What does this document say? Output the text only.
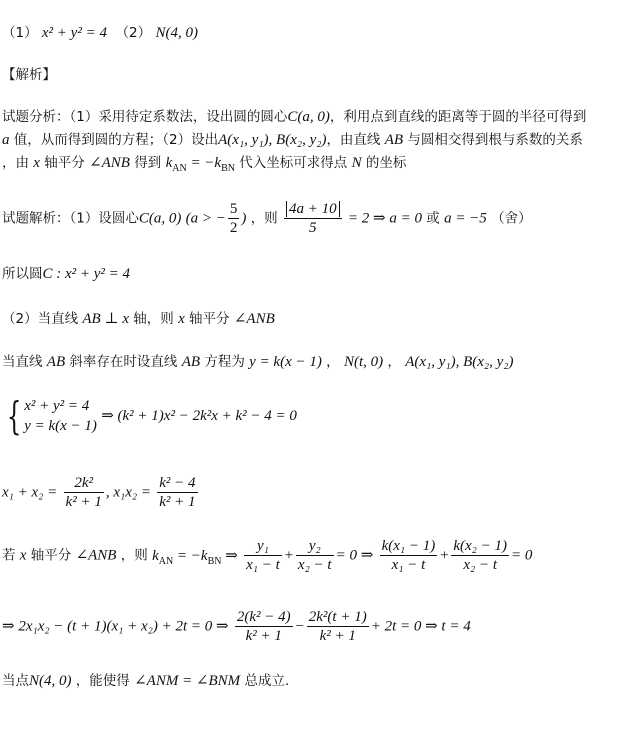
（1） x² + y² = 4 （2） N(4, 0)
【解析】
试题分析：（1）采用待定系数法，设出圆的圆心C(a, 0)，利用点到直线的距离等于圆的半径可得到
a 值，从而得到圆的方程；（2）设出A(x₁, y₁), B(x₂, y₂)，由直线 AB 与圆相交得到根与系数的关系
，由 x 轴平分 ∠ANB 得到 $k_{AN} = -k_{BN}$ 代入坐标可求得点 N 的坐标
试题解析：（1）设圆心C(a, 0) (a > − $\frac{5}{2}$ ) ，则 $\frac{4a + 10}{5} = 2$ ⇒ a = 0 或 a = −5 （舍）
所以圆C : x² + y² = 4
（2）当直线 AB ⊥ x 轴，则 x 轴平分 ∠ANB
当直线 AB 斜率存在时设直线 AB 方程为 y = k(x − 1) ， N(t, 0) ， A(x₁, y₁), B(x₂, y₂)
{ x² + y² = 4
y = k(x − 1)
⇒ (k² + 1)x² − 2k²x + k² − 4 = 0
$x_1 + x_2 = \frac{\text{2k²}}{\text{k² + 1}}$ , $x_1x_2 = \frac{\text{k² − 4}}{\text{k² + 1}}$
若 x 轴平分 ∠ANB ，则 $k_{AN} = -k_{BN}$ ⇒ $\frac{\text{y₁}}{\text{x₁ − t}} + \frac{\text{y₂}}{\text{x₂ − t}} = 0$ ⇒ $\frac{\text{k(x₁ − 1)}}{\text{x₁ − t}} + \frac{\text{k(x₂ − 1)}}{\text{x₂ − t}} = 0$
⇒ 2x₁x₂ − (t + 1)(x₁ + x₂) + 2t = 0 ⇒ $\frac{\text{2(k² − 4)}}{\text{k² + 1}} - \frac{\text{2k²(t + 1)}}{\text{k² + 1}} + 2t = 0$ ⇒ t = 4
当点N(4, 0) ，能使得 ∠ANM = ∠BNM 总成立.
